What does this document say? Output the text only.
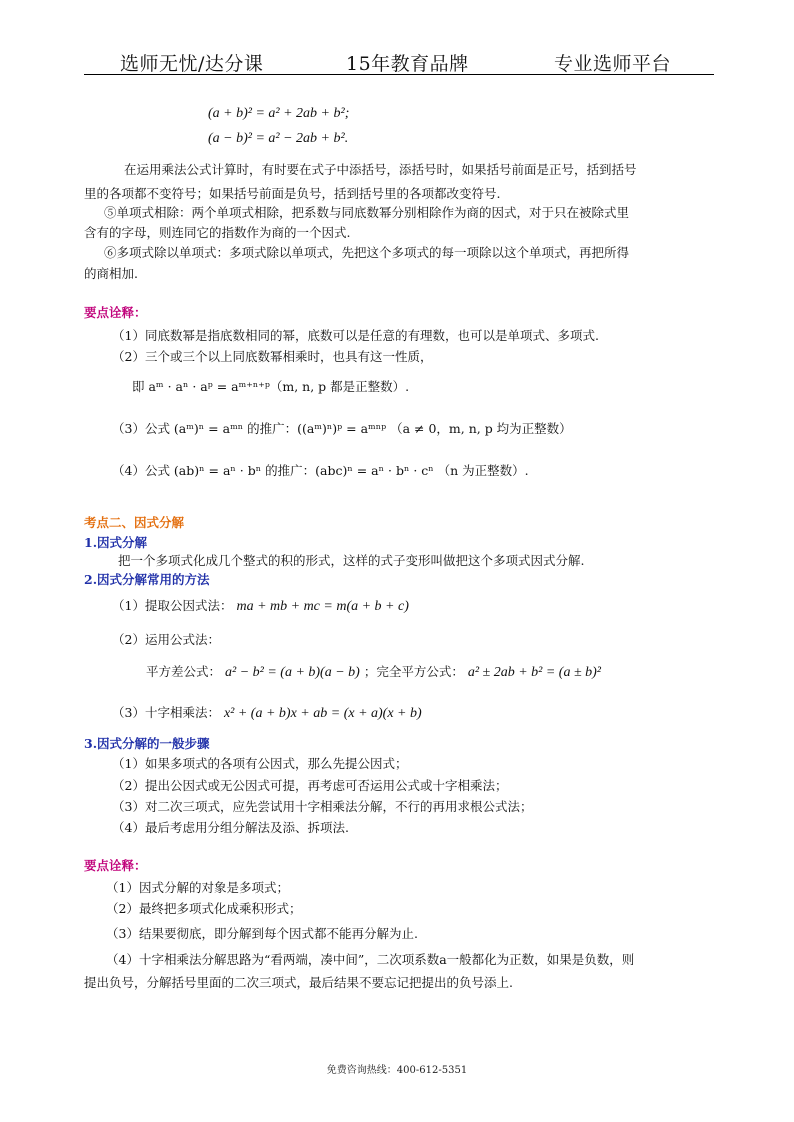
选师无忧/达分课	15年教育品牌	专业选师平台
(a + b)² = a² + 2ab + b²;
(a − b)² = a² − 2ab + b².
在运用乘法公式计算时，有时要在式子中添括号，添括号时，如果括号前面是正号，括到括号
里的各项都不变符号；如果括号前面是负号，括到括号里的各项都改变符号.
⑤单项式相除：两个单项式相除，把系数与同底数幂分别相除作为商的因式，对于只在被除式里
含有的字母，则连同它的指数作为商的一个因式.
⑥多项式除以单项式：多项式除以单项式，先把这个多项式的每一项除以这个单项式，再把所得
的商相加.
要点诠释：
（1）同底数幂是指底数相同的幂，底数可以是任意的有理数，也可以是单项式、多项式.
（2）三个或三个以上同底数幂相乘时，也具有这一性质，
即 aᵐ · aⁿ · aᵖ = aᵐ⁺ⁿ⁺ᵖ（m, n, p 都是正整数）.
（3）公式 (aᵐ)ⁿ = aᵐⁿ 的推广：((aᵐ)ⁿ)ᵖ = aᵐⁿᵖ （a ≠ 0，m, n, p 均为正整数）
（4）公式 (ab)ⁿ = aⁿ · bⁿ 的推广：(abc)ⁿ = aⁿ · bⁿ · cⁿ （n 为正整数）.
考点二、因式分解
1.因式分解
把一个多项式化成几个整式的积的形式，这样的式子变形叫做把这个多项式因式分解.
2.因式分解常用的方法
（1）提取公因式法： ma + mb + mc = m(a + b + c)
（2）运用公式法：
平方差公式： a² − b² = (a + b)(a − b) ；完全平方公式： a² ± 2ab + b² = (a ± b)²
（3）十字相乘法： x² + (a + b)x + ab = (x + a)(x + b)
3.因式分解的一般步骤
（1）如果多项式的各项有公因式，那么先提公因式；
（2）提出公因式或无公因式可提，再考虑可否运用公式或十字相乘法；
（3）对二次三项式，应先尝试用十字相乘法分解，不行的再用求根公式法；
（4）最后考虑用分组分解法及添、拆项法.
要点诠释：
（1）因式分解的对象是多项式；
（2）最终把多项式化成乘积形式；
（3）结果要彻底，即分解到每个因式都不能再分解为止.
（4）十字相乘法分解思路为“看两端，凑中间”，二次项系数a一般都化为正数，如果是负数，则
提出负号，分解括号里面的二次三项式，最后结果不要忘记把提出的负号添上.
免费咨询热线：400-612-5351
